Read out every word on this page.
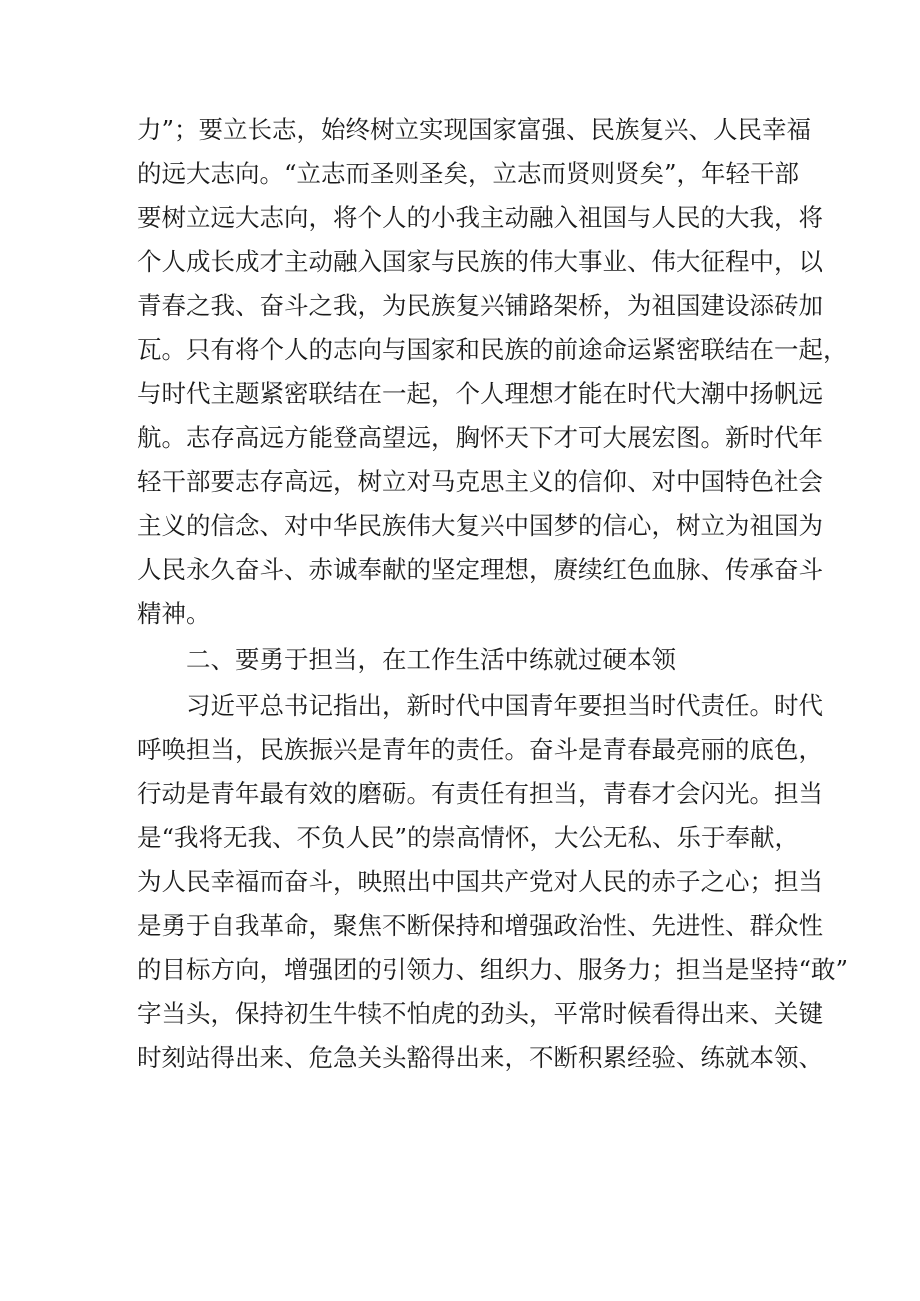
力”；要立长志，始终树立实现国家富强、民族复兴、人民幸福
的远大志向。“立志而圣则圣矣，立志而贤则贤矣”，年轻干部
要树立远大志向，将个人的小我主动融入祖国与人民的大我，将
个人成长成才主动融入国家与民族的伟大事业、伟大征程中，以
青春之我、奋斗之我，为民族复兴铺路架桥，为祖国建设添砖加
瓦。只有将个人的志向与国家和民族的前途命运紧密联结在一起，
与时代主题紧密联结在一起，个人理想才能在时代大潮中扬帆远
航。志存高远方能登高望远，胸怀天下才可大展宏图。新时代年
轻干部要志存高远，树立对马克思主义的信仰、对中国特色社会
主义的信念、对中华民族伟大复兴中国梦的信心，树立为祖国为
人民永久奋斗、赤诚奉献的坚定理想，赓续红色血脉、传承奋斗
精神。
二、要勇于担当，在工作生活中练就过硬本领
习近平总书记指出，新时代中国青年要担当时代责任。时代
呼唤担当，民族振兴是青年的责任。奋斗是青春最亮丽的底色，
行动是青年最有效的磨砺。有责任有担当，青春才会闪光。担当
是“我将无我、不负人民”的崇高情怀，大公无私、乐于奉献，
为人民幸福而奋斗，映照出中国共产党对人民的赤子之心；担当
是勇于自我革命，聚焦不断保持和增强政治性、先进性、群众性
的目标方向，增强团的引领力、组织力、服务力；担当是坚持“敢”
字当头，保持初生牛犊不怕虎的劲头，平常时候看得出来、关键
时刻站得出来、危急关头豁得出来，不断积累经验、练就本领、
